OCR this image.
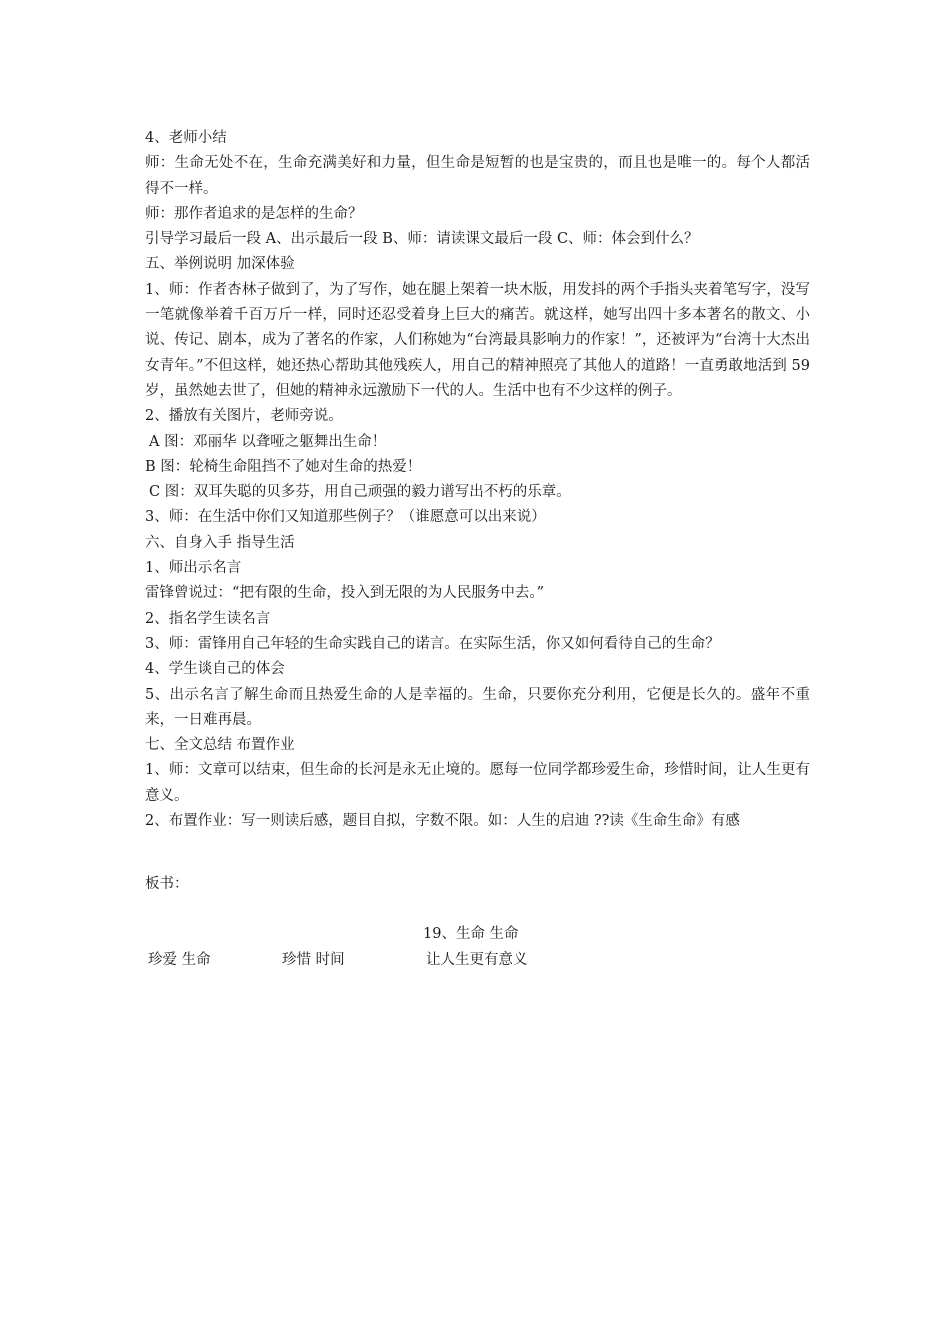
4、老师小结

师：生命无处不在，生命充满美好和力量，但生命是短暂的也是宝贵的，而且也是唯一的。每个人都活得不一样。

师：那作者追求的是怎样的生命？

引导学习最后一段 A、出示最后一段 B、师：请读课文最后一段 C、师：体会到什么？

五、举例说明 加深体验

1、师：作者杏林子做到了，为了写作，她在腿上架着一块木版，用发抖的两个手指头夹着笔写字，没写一笔就像举着千百万斤一样，同时还忍受着身上巨大的痛苦。就这样，她写出四十多本著名的散文、小说、传记、剧本，成为了著名的作家，人们称她为“台湾最具影响力的作家！”，还被评为“台湾十大杰出女青年。”不但这样，她还热心帮助其他残疾人，用自己的精神照亮了其他人的道路！一直勇敢地活到 59 岁，虽然她去世了，但她的精神永远激励下一代的人。生活中也有不少这样的例子。

2、播放有关图片，老师旁说。

A 图：邓丽华 以聋哑之躯舞出生命！

B 图：轮椅生命阻挡不了她对生命的热爱！

C 图：双耳失聪的贝多芬，用自己顽强的毅力谱写出不朽的乐章。

3、师：在生活中你们又知道那些例子？（谁愿意可以出来说）

六、自身入手 指导生活

1、师出示名言

雷锋曾说过：“把有限的生命，投入到无限的为人民服务中去。”

2、指名学生读名言

3、师：雷锋用自己年轻的生命实践自己的诺言。在实际生活，你又如何看待自己的生命？

4、学生谈自己的体会

5、出示名言了解生命而且热爱生命的人是幸福的。生命，只要你充分利用，它便是长久的。盛年不重来，一日难再晨。

七、全文总结 布置作业

1、师：文章可以结束，但生命的长河是永无止境的。愿每一位同学都珍爱生命，珍惜时间，让人生更有意义。

2、布置作业：写一则读后感，题目自拟，字数不限。如：人生的启迪 ??读《生命生命》有感

板书：
19、生命 生命
珍爱 生命	珍惜 时间	让人生更有意义
